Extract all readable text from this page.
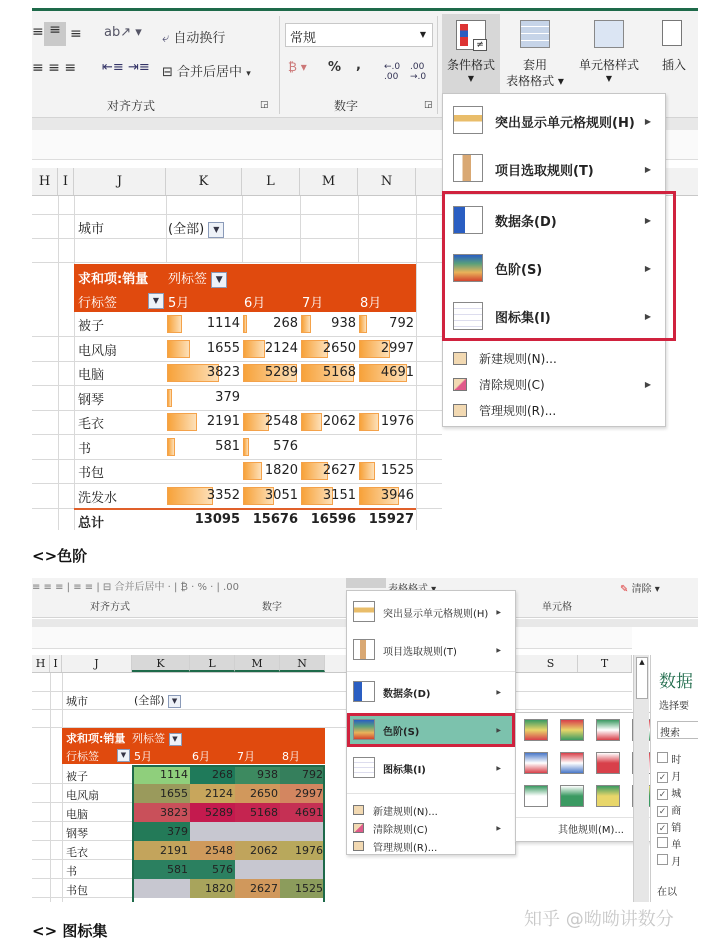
≡ ≡ ≡ ab↗ ▾ ⤶ 自动换行
≡ ≡ ≡ ⇤≡ ⇥≡ ⊟ 合并后居中 ▾
对齐方式	◲
常规	▼
₿ ▾ % ,	←.0
.00
.00
→.0
数字	◲
≠
条件格式
▼
套用
表格格式 ▾
单元格样式
▼
插入
H I	J	K	L	M	N
城市	(全部) ▼
求和项:销量 列标签 ▼
行标签	▼ 5月	6月	7月	8月
被子	1114	268	938	792
电风扇	1655	2124	2650	2997
电脑	3823	5289	5168	4691
钢琴	379
毛衣	2191	2548	2062	1976
书	581	576
书包	1820	2627	1525
洗发水	3352	3051	3151	3946
总计	13095 15676 16596 15927
突出显示单元格规则(H) ▶
项目选取规则(T)	▶
数据条(D)	▶
色阶(S)	▶
图标集(I)	▶
新建规则(N)...
清除规则(C)	▶
管理规则(R)...
<>色阶
≡ ≡ ≡ | ≡ ≡ | ⊟ 合并后居中 · | ₿ · % · | .00
对齐方式	数字	单元格
✎ 清除 ▾
H I	J	K	L	M	N	S	T
城市	(全部) ▼
求和项:销量 列标签 ▼
行标签	▼ 5月	6月 7月 8月
被子	1114	268	938	792
电风扇	1655	2124	2650	2997
电脑	3823	5289	5168	4691
钢琴	379
毛衣	2191	2548	2062	1976
书	581	576
书包	1820	2627	1525
突出显示单元格规则(H) ▶
项目选取规则(T)	▶
数据条(D)	▶
色阶(S)	▶
图标集(I)	▶
新建规则(N)...
清除规则(C)	▶
管理规则(R)...
其他规则(M)...
▲
数据
选择要
搜索
时
✓ 月
✓ 城
✓ 商
✓ 销
单
月
在以
<> 图标集
知乎 @呦呦讲数分
